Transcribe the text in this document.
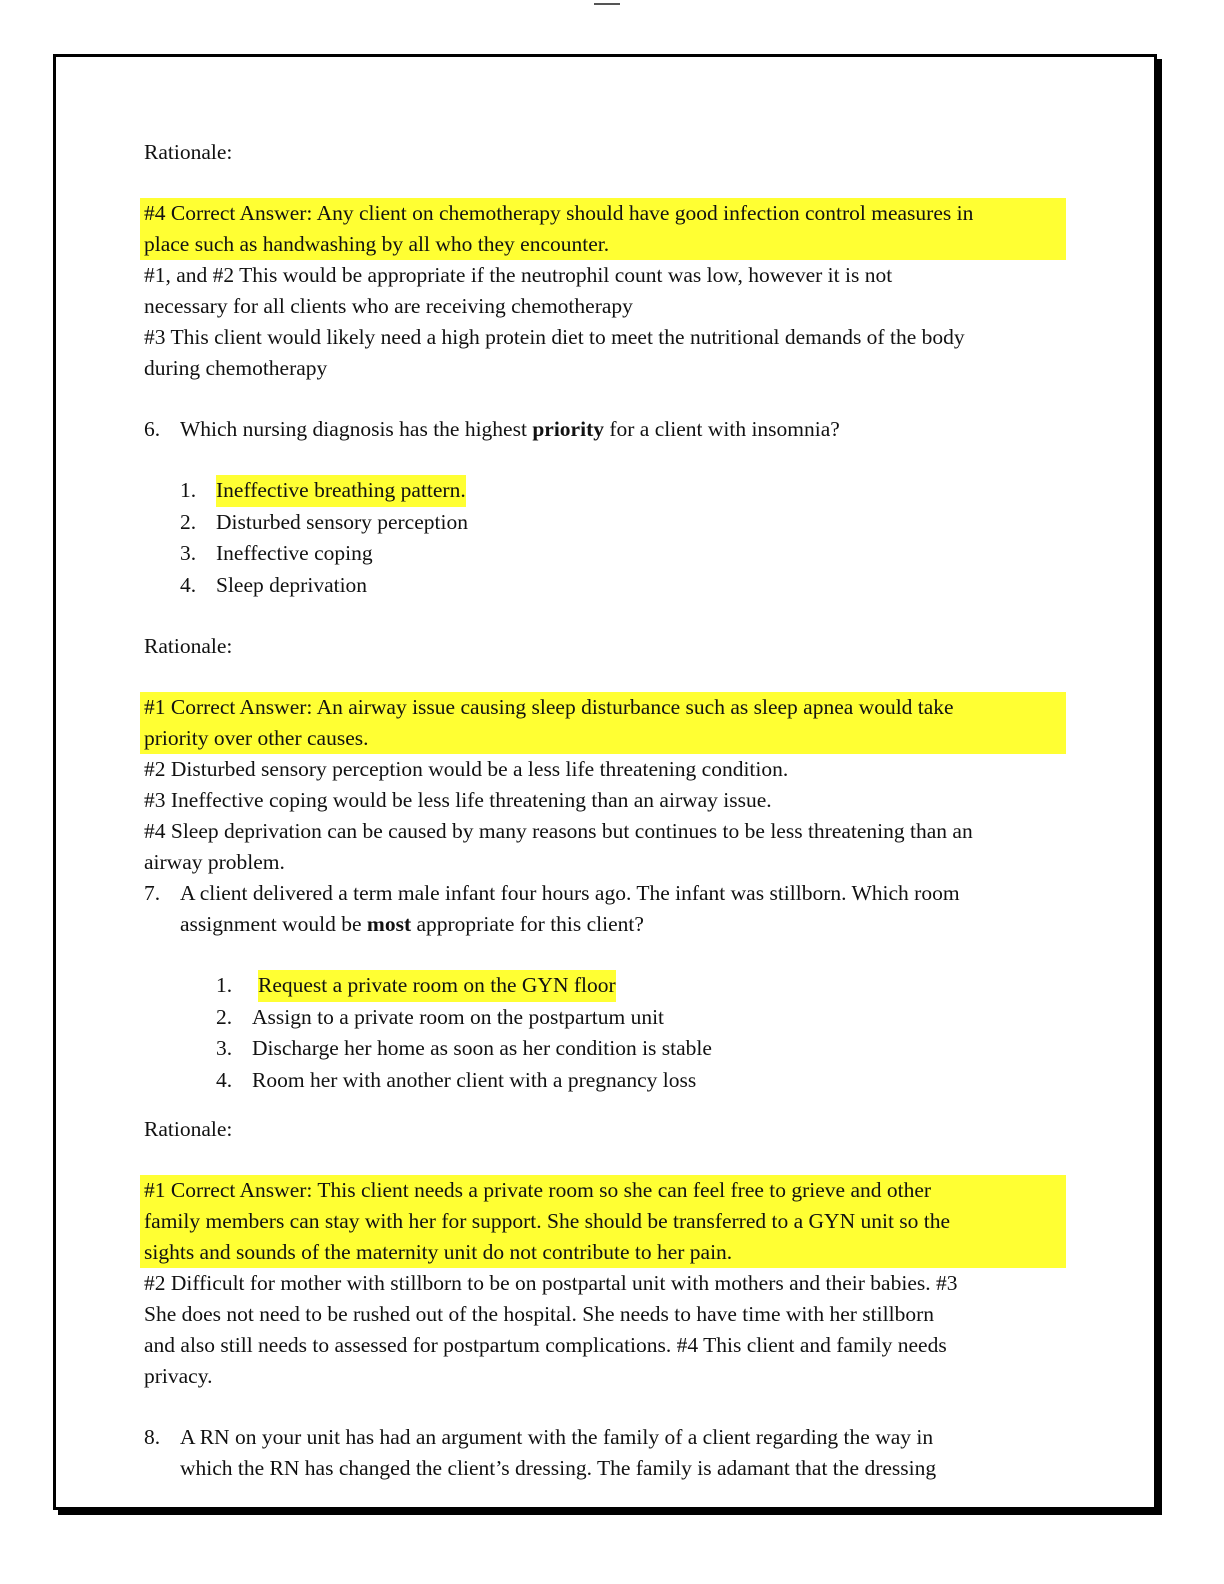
Rationale:
#4 Correct Answer: Any client on chemotherapy should have good infection control measures in
place such as handwashing by all who they encounter.
#1, and #2 This would be appropriate if the neutrophil count was low, however it is not
necessary for all clients who are receiving chemotherapy
#3 This client would likely need a high protein diet to meet the nutritional demands of the body
during chemotherapy
6. Which nursing diagnosis has the highest priority for a client with insomnia?
1. Ineffective breathing pattern.
2. Disturbed sensory perception
3. Ineffective coping
4. Sleep deprivation
Rationale:
#1 Correct Answer: An airway issue causing sleep disturbance such as sleep apnea would take
priority over other causes.
#2 Disturbed sensory perception would be a less life threatening condition.
#3 Ineffective coping would be less life threatening than an airway issue.
#4 Sleep deprivation can be caused by many reasons but continues to be less threatening than an
airway problem.
7. A client delivered a term male infant four hours ago. The infant was stillborn. Which room
assignment would be most appropriate for this client?
1.	Request a private room on the GYN floor
2. Assign to a private room on the postpartum unit
3. Discharge her home as soon as her condition is stable
4. Room her with another client with a pregnancy loss
Rationale:
#1 Correct Answer: This client needs a private room so she can feel free to grieve and other
family members can stay with her for support. She should be transferred to a GYN unit so the
sights and sounds of the maternity unit do not contribute to her pain.
#2 Difficult for mother with stillborn to be on postpartal unit with mothers and their babies. #3
She does not need to be rushed out of the hospital. She needs to have time with her stillborn
and also still needs to assessed for postpartum complications. #4 This client and family needs
privacy.
8. A RN on your unit has had an argument with the family of a client regarding the way in
which the RN has changed the client’s dressing. The family is adamant that the dressing
